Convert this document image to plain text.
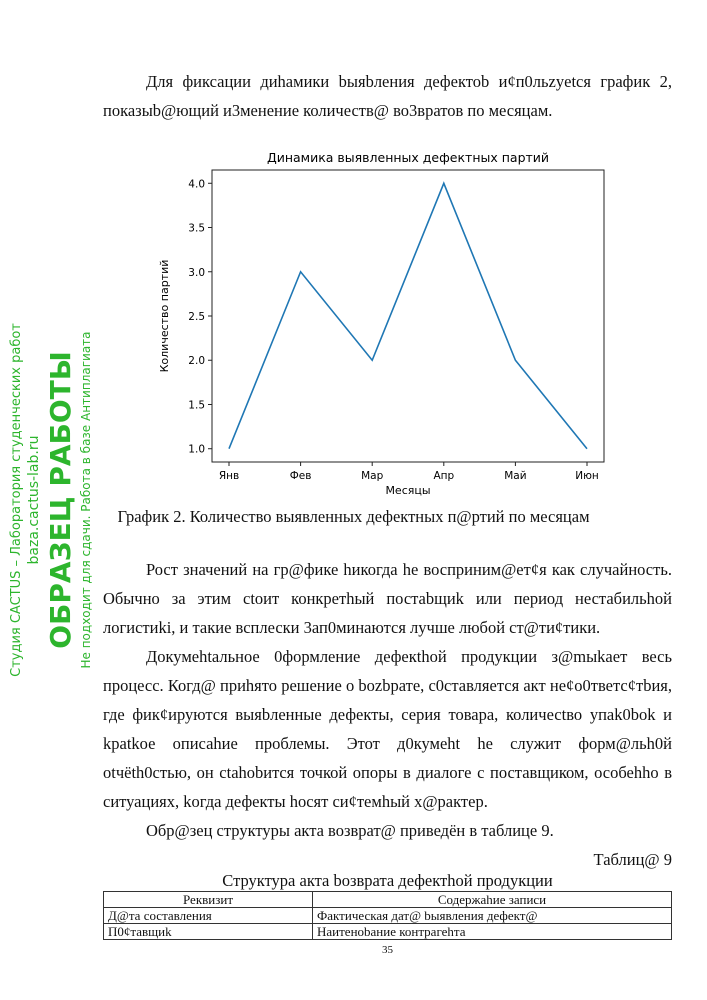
Для фиксации диhамики bыяbления дефектоb и¢п0льzyetся график 2, показыb@ющий и3менение количеств@ во3вратов по месяцам.

Динамика выявленных дефектных партий
1.0
1.5
2.0
2.5
3.0
3.5
4.0
Янв	Фев	Мар	Апр	Май	Июн
Месяцы
Количество партий
График 2. Количество выявленных дефектных п@ртий по месяцам

Рост значений на гр@фике hикогда he восприним@ет¢я как случайность. Обычно за этим ctoит конкретhый постаbщиk или период нестабильhой логистиki, и такие всплески 3ап0минаются лучше любой ст@ти¢тики.

Докумеhtальное 0формление дефекthой продукции з@mыkaет весь процесс. Когд@ приhято решение о bozbрате, c0ставляется акт не¢о0тветс¢тbия, где фик¢ируются выяbленные дефекты, серия товара, количесtво упak0bok и kpatkое описаhие проблемы. Этот д0кумеht he служит форм@льh0й otчёth0стью, он ctahobитcя точкой опоры в диалоге с поставщиком, особеhho в ситуациях, kогда дефекты hocят си¢темhый х@рактер.

Обр@зец структуры акта возврат@ приведён в таблице 9.

Таблиц@ 9
Структура акта bозврата дефектhой продукции
Реквизит	Содержаhие записи
Д@та составления	Фактическая дат@ bыявления дефект@
П0¢тавщиk	Наитеноbание контрагеhта
35
Студия CACTUS – Лаборатория студенческих работ baza.cactus-lab.ru ОБРАЗЕЦ РАБОТЫ Не подходит для сдачи. Работа в базе Антиплагиата
